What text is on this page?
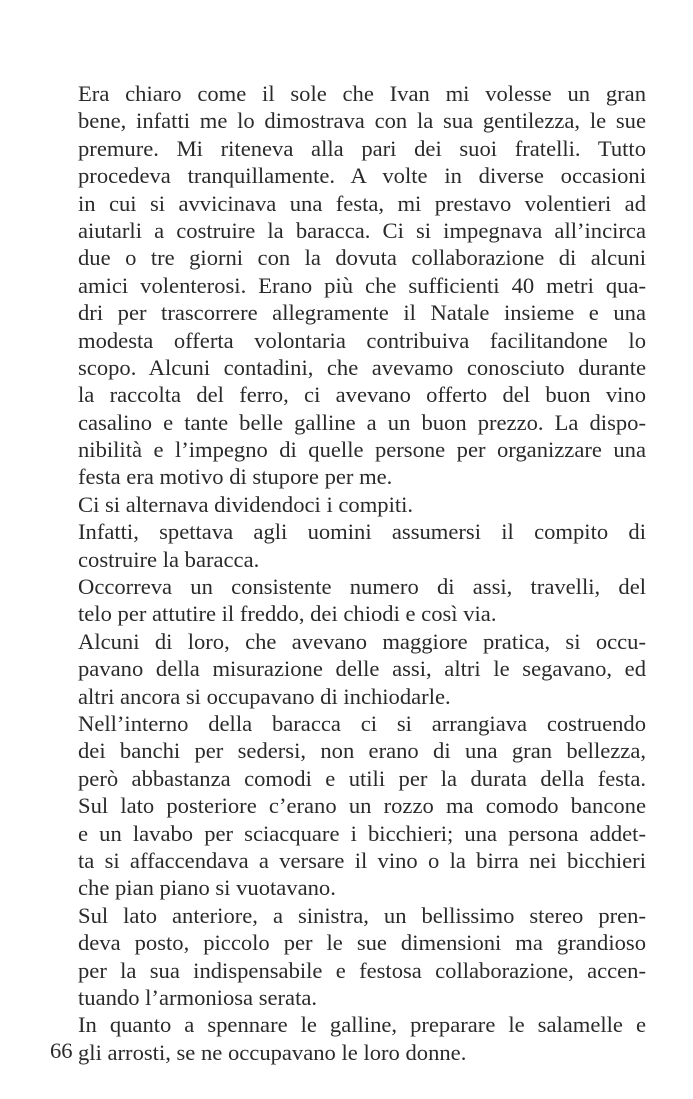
Era chiaro come il sole che Ivan mi volesse un gran
bene, infatti me lo dimostrava con la sua gentilezza, le sue
premure. Mi riteneva alla pari dei suoi fratelli. Tutto
procedeva tranquillamente. A volte in diverse occasioni
in cui si avvicinava una festa, mi prestavo volentieri ad
aiutarli a costruire la baracca. Ci si impegnava all’incirca
due o tre giorni con la dovuta collaborazione di alcuni
amici volenterosi. Erano più che sufficienti 40 metri qua-
dri per trascorrere allegramente il Natale insieme e una
modesta offerta volontaria contribuiva facilitandone lo
scopo. Alcuni contadini, che avevamo conosciuto durante
la raccolta del ferro, ci avevano offerto del buon vino
casalino e tante belle galline a un buon prezzo. La dispo-
nibilità e l’impegno di quelle persone per organizzare una
festa era motivo di stupore per me.
Ci si alternava dividendoci i compiti.
Infatti, spettava agli uomini assumersi il compito di
costruire la baracca.
Occorreva un consistente numero di assi, travelli, del
telo per attutire il freddo, dei chiodi e così via.
Alcuni di loro, che avevano maggiore pratica, si occu-
pavano della misurazione delle assi, altri le segavano, ed
altri ancora si occupavano di inchiodarle.
Nell’interno della baracca ci si arrangiava costruendo
dei banchi per sedersi, non erano di una gran bellezza,
però abbastanza comodi e utili per la durata della festa.
Sul lato posteriore c’erano un rozzo ma comodo bancone
e un lavabo per sciacquare i bicchieri; una persona addet-
ta si affaccendava a versare il vino o la birra nei bicchieri
che pian piano si vuotavano.
Sul lato anteriore, a sinistra, un bellissimo stereo pren-
deva posto, piccolo per le sue dimensioni ma grandioso
per la sua indispensabile e festosa collaborazione, accen-
tuando l’armoniosa serata.
In quanto a spennare le galline, preparare le salamelle e
gli arrosti, se ne occupavano le loro donne.
66
